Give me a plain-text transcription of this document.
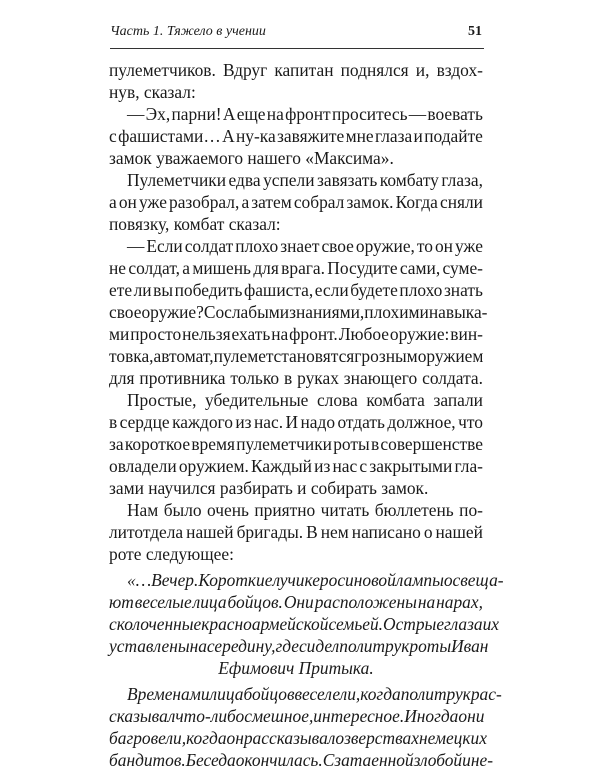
Часть 1. Тяжело в учении	51
пулеметчиков. Вдруг капитан поднялся и, вздох-
нув, сказал:
— Эх, парни! А еще на фронт проситесь — воевать
с фашистами… А ну-ка завяжите мне глаза и подайте
замок уважаемого нашего «Максима».
Пулеметчики едва успели завязать комбату глаза,
а он уже разобрал, а затем собрал замок. Когда сняли
повязку, комбат сказал:
— Если солдат плохо знает свое оружие, то он уже
не солдат, а мишень для врага. Посудите сами, суме-
ете ли вы победить фашиста, если будете плохо знать
свое оружие? Со слабыми знаниями, плохими навыка-
ми просто нельзя ехать на фронт. Любое оружие: вин-
товка, автомат, пулемет становятся грозным оружием
для противника только в руках знающего солдата.
Простые, убедительные слова комбата запали
в сердце каждого из нас. И надо отдать должное, что
за короткое время пулеметчики роты в совершенстве
овладели оружием. Каждый из нас с закрытыми гла-
зами научился разбирать и собирать замок.
Нам было очень приятно читать бюллетень по-
литотдела нашей бригады. В нем написано о нашей
роте следующее:
«…Вечер. Короткие лучи керосиновой лампы освеща-
ют веселые лица бойцов. Они расположены на нарах,
сколоченные красноармейской семьей. Острые глаза их
уставлены на середину, где сидел политрук роты Иван
Ефимович Притыка.
Временами лица бойцов веселели, когда политрук рас-
сказывал что-либо смешное, интересное. Иногда они
багровели, когда он рассказывал о зверствах немецких
бандитов. Беседа окончилась. С затаенной злобой и не-
